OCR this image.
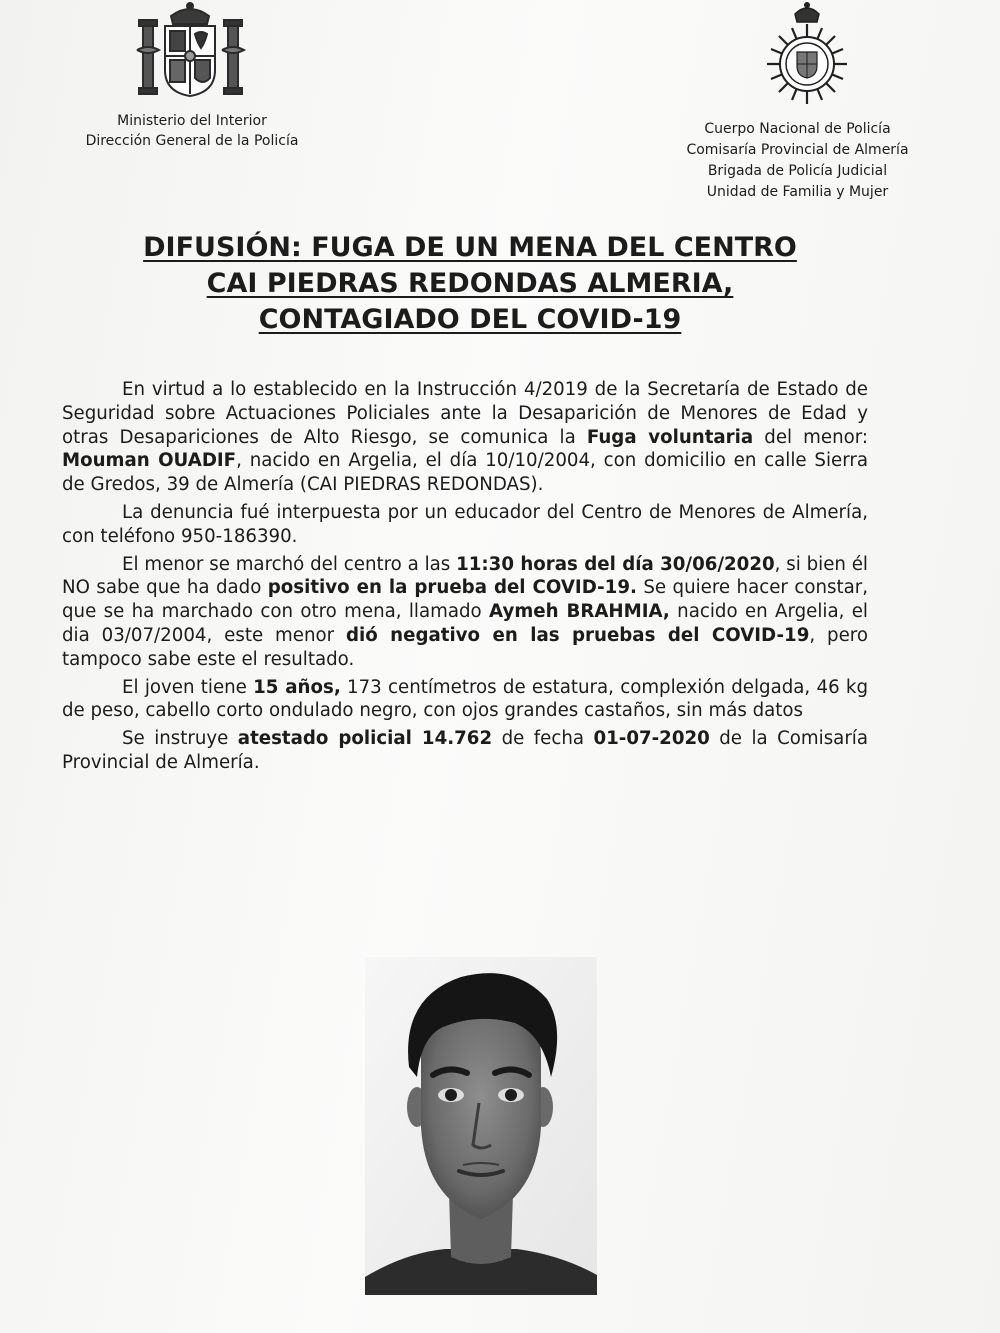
Ministerio del Interior
Dirección General de la Policía
Cuerpo Nacional de Policía
Comisaría Provincial de Almería
Brigada de Policía Judicial
Unidad de Familia y Mujer
DIFUSIÓN: FUGA DE UN MENA DEL CENTRO
CAI PIEDRAS REDONDAS ALMERIA,
CONTAGIADO DEL COVID-19

En virtud a lo establecido en la Instrucción 4/2019 de la Secretaría de Estado de Seguridad sobre Actuaciones Policiales ante la Desaparición de Menores de Edad y otras Desapariciones de Alto Riesgo, se comunica la Fuga voluntaria del menor: Mouman OUADIF, nacido en Argelia, el día 10/10/2004, con domicilio en calle Sierra de Gredos, 39 de Almería (CAI PIEDRAS REDONDAS).

La denuncia fué interpuesta por un educador del Centro de Menores de Almería, con teléfono 950-186390.

El menor se marchó del centro a las 11:30 horas del día 30/06/2020, si bien él NO sabe que ha dado positivo en la prueba del COVID-19. Se quiere hacer constar, que se ha marchado con otro mena, llamado Aymeh BRAHMIA, nacido en Argelia, el dia 03/07/2004, este menor dió negativo en las pruebas del COVID-19, pero tampoco sabe este el resultado.

El joven tiene 15 años, 173 centímetros de estatura, complexión delgada, 46 kg de peso, cabello corto ondulado negro, con ojos grandes castaños, sin más datos

Se instruye atestado policial 14.762 de fecha 01-07-2020 de la Comisaría Provincial de Almería.
